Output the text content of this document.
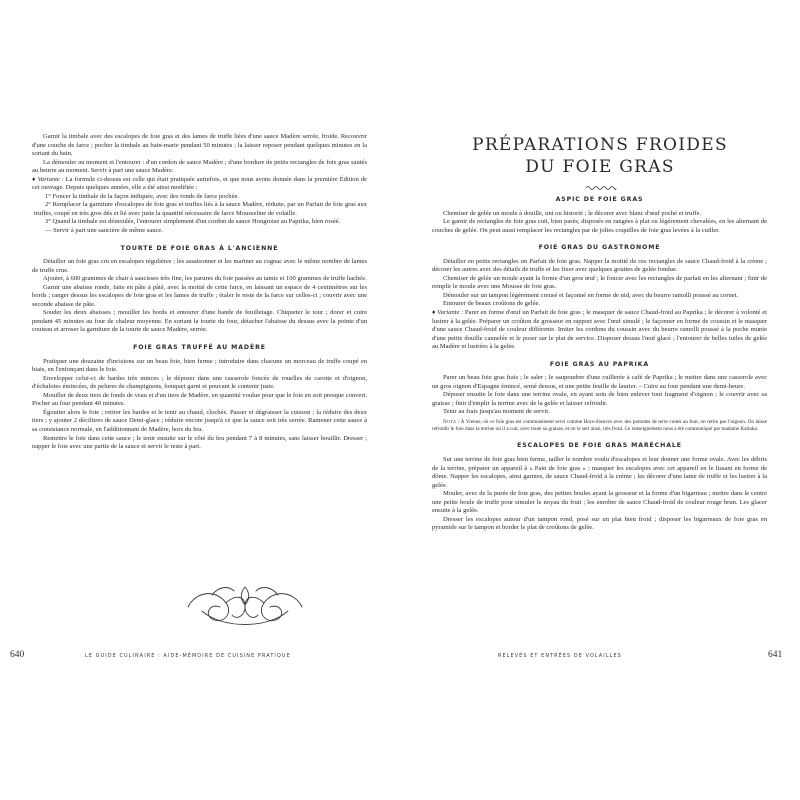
Garnir la timbale avec des escalopes de foie gras et des lames de truffe liées d'une sauce Madère serrée, froide. Recouvrir d'une couche de farce ; pocher la timbale au bain-marie pendant 50 minutes ; la laisser reposer pendant quelques minutes en la sortant du bain.

La démouler au moment et l'entourer : d'un cordon de sauce Madère ; d'une bordure de petits rectangles de foie gras sautés au beurre au moment. Servir à part une sauce Madère.

♦ Variante : La formule ci-dessus est celle qui était pratiquée autrefois, et que nous avons donnée dans la première Édition de cet ouvrage. Depuis quelques années, elle a été ainsi modifiée :

1° Foncer la timbale de la façon indiquée, avec des ronds de farce pochée.

2° Remplacer la garniture d'escalopes de foie gras et truffes liés à la sauce Madère, réduite, par un Parfait de foie gras aux truffes, coupé en très gros dés et lié avec juste la quantité nécessaire de farce Mousseline de volaille.

3° Quand la timbale est démoulée, l'entourer simplement d'un cordon de sauce Hongroise au Paprika, bien roséé.

— Servir à part une saucière de même sauce.

TOURTE DE FOIE GRAS À L'ANCIENNE

Détailler un foie gras cru en escalopes régulières ; les assaisonner et les mariner au cognac avec le même nombre de lames de truffe crue.

Ajouter, à 600 grammes de chair à saucisses très fine, les parures du foie passées au tamis et 100 grammes de truffe hachée.

Garnir une abaisse ronde, faite en pâte à pâté, avec la moitié de cette farce, en laissant un espace de 4 centimètres sur les bords ; ranger dessus les escalopes de foie gras et les lames de truffe ; étaler le reste de la farce sur celles-ci ; couvrir avec une seconde abaisse de pâte.

Souder les deux abaisses ; mouiller les bords et entourer d'une bande de feuilletage. Chiqueter le tour ; dorer et cuire pendant 45 minutes au four de chaleur moyenne. En sortant la tourte du four, détacher l'abaisse du dessus avec la pointe d'un couteau et arroser la garniture de la tourte de sauce Madère, serrée.

FOIE GRAS TRUFFÉ AU MADÈRE

Pratiquer une douzaine d'incisions sur un beau foie, bien ferme ; introduire dans chacune un morceau de truffe coupé en biais, en l'enfonçant dans le foie.

Envelopper celui-ci de bardes très minces ; le déposer dans une casserole foncée de rouelles de carotte et d'oignon, d'échalotes émincées, de pelures de champignons, bouquet garni et pouvant le contenir juste.

Mouiller de deux tiers de fonds de veau et d'un tiers de Madère, en quantité voulue pour que le foie en soit presque couvert. Pocher au four pendant 40 minutes.

Égoutter alors le foie ; retirer les bardes et le tenir au chaud, clochée. Passer et dégraisser la cuisson ; la réduire des deux tiers ; y ajouter 2 décilitres de sauce Demi-glace ; réduire encore jusqu'à ce que la sauce soit très serrée. Ramener cette sauce à sa consistance normale, en l'additionnant de Madère, hors du feu.

Remettre le foie dans cette sauce ; le tenir ensuite sur le côté du feu pendant 7 à 8 minutes, sans laisser bouillir. Dresser ; napper le foie avec une partie de la sauce et servir le reste à part.

640	LE GUIDE CULINAIRE : AIDE-MÉMOIRE DE CUISINE PRATIQUE
PRÉPARATIONS FROIDES
DU FOIE GRAS
ASPIC DE FOIE GRAS

Chemiser de gelée un moule à douille, uni ou historié ; le décorer avec blanc d'œuf poché et truffe.

Le garnir de rectangles de foie gras cuit, bien parés, disposés en rangées à plat ou légèrement chevalées, en les alternant de couches de gelée. On peut aussi remplacer les rectangles par de jolies coquilles de foie gras levées à la cuiller.

FOIE GRAS DU GASTRONOME

Détailler en petits rectangles un Parfait de foie gras. Napper la moitié de ces rectangles de sauce Chaud-froid à la crème ; décorer les autres avec des détails de truffe et les fixer avec quelques gouttes de gelée fondue.

Chemiser de gelée un moule ayant la forme d'un gros œuf ; le foncer avec les rectangles de parfait en les alternant ; finir de remplir le moule avec une Mousse de foie gras.

Démouler sur un tampon légèrement creusé et façonné en forme de nid, avec du beurre ramolli poussé au cornet.

Entourer de beaux croûtons de gelée.

♦ Variante : Parer en forme d'œuf un Parfait de foie gras ; le masquer de sauce Chaud-froid au Paprika ; le décorer à volonté et lustrer à la gelée. Préparer un croûton de grosseur en rapport avec l'œuf simulé ; le façonner en forme de coussin et le masquer d'une sauce Chaud-froid de couleur différente. Imiter les cordons du coussin avec du beurre ramolli poussé à la poche munie d'une petite douille cannelée et le poser sur le plat de service. Disposer dessus l'œuf glacé ; l'entourer de belles tuiles de gelée au Madère et lustrées à la gelée.

FOIE GRAS AU PAPRIKA

Parer un beau foie gras frais ; le saler ; le saupoudrer d'une cuillerée à café de Paprika ; le mettre dans une casserole avec un gros oignon d'Espagne émincé, semé dessus, et une petite feuille de laurier. – Cuire au four pendant une demi-heure.

Déposer ensuite le foie dans une terrine ovale, en ayant soin de bien enlever tout fragment d'oignon ; le couvrir avec sa graisse ; finir d'emplir la terrine avec de la gelée et laisser refroidir.

Tenir au frais jusqu'au moment de servir.

Nota : À Vienne, où ce foie gras est communément servi comme Hors-d'œuvre avec des pommes de terre cuites au four, on retire pas l'oignon. On laisse refroidir le foie dans la terrine où il a cuit, avec toute sa graisse, et on le sert ainsi, très froid. Ce renseignement nous a été communiqué par madame Katinka.

ESCALOPES DE FOIE GRAS MARÉCHALE

Sur une terrine de foie gras bien ferme, tailler le nombre voulu d'escalopes et leur donner une forme ovale. Avec les débris de la terrine, préparer un appareil à « Pain de foie gras » ; masquer les escalopes avec cet appareil en le lissant en forme de dôme. Napper les escalopes, ainsi garnies, de sauce Chaud-froid à la crème ; les décorer d'une lame de truffe et les lustrer à la gelée.

Mouler, avec de la purée de foie gras, des petites boules ayant la grosseur et la forme d'un bigarreau ; mettre dans le centre une petite boule de truffe pour simuler le noyau du fruit ; les enrober de sauce Chaud-froid de couleur rouge brun. Les glacer ensuite à la gelée.

Dresser les escalopes autour d'un tampon rond, posé sur un plat bien froid ; disposer les bigarreaux de foie gras en pyramide sur le tampon et border le plat de croûtons de gelée.

RELEVÉS ET ENTRÉES DE VOLAILLES	641
